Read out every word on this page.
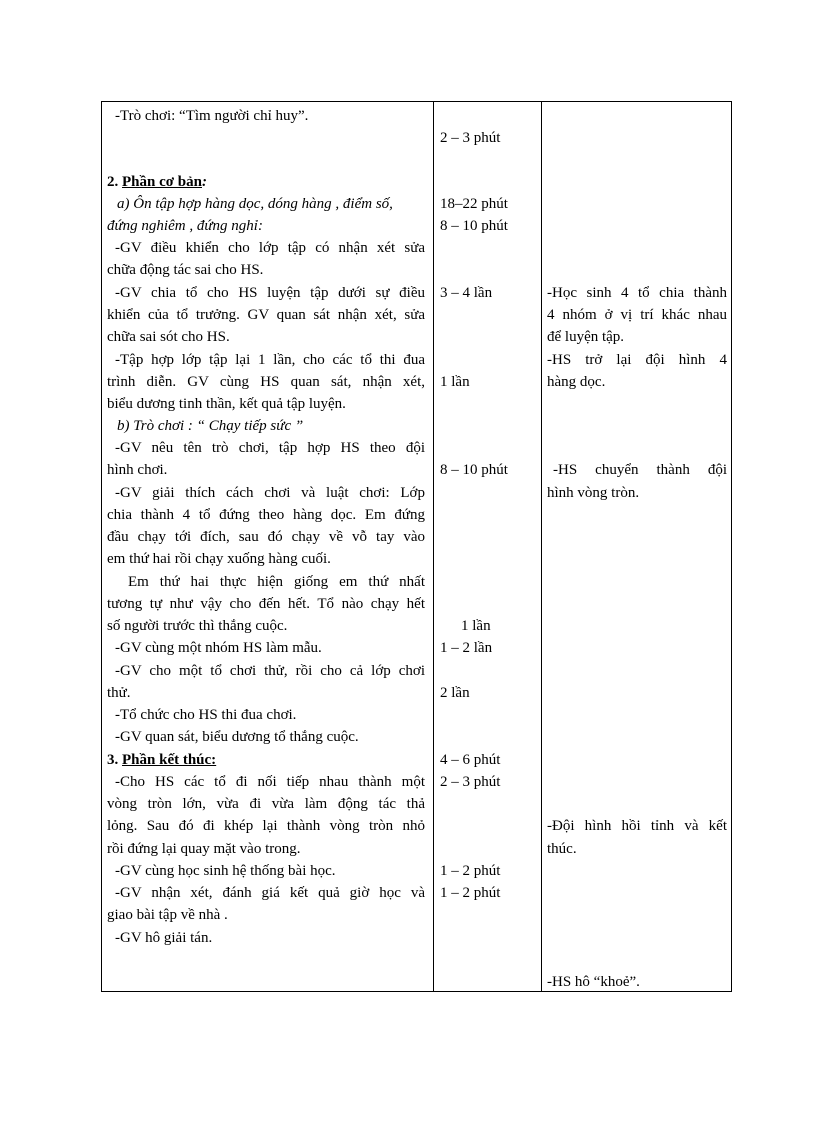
-Trò chơi: “Tìm người chỉ huy”.
2. Phần cơ bản:
a) Ôn tập hợp hàng dọc, dóng hàng , điểm số,
đứng nghiêm , đứng nghỉ:
-GV điều khiển cho lớp tập có nhận xét sửa
chữa động tác sai cho HS.
-GV chia tổ cho HS luyện tập dưới sự điều
khiển của tổ trưởng. GV quan sát nhận xét, sửa
chữa sai sót cho HS.
-Tập hợp lớp tập lại 1 lần, cho các tổ thi đua
trình diễn. GV cùng HS quan sát, nhận xét,
biểu dương tinh thần, kết quả tập luyện.
b) Trò chơi : “ Chạy tiếp sức ”
-GV nêu tên trò chơi, tập hợp HS theo đội
hình chơi.
-GV giải thích cách chơi và luật chơi: Lớp
chia thành 4 tổ đứng theo hàng dọc. Em đứng
đầu chạy tới đích, sau đó chạy về vỗ tay vào
em thứ hai rồi chạy xuống hàng cuối.
Em thứ hai thực hiện giống em thứ nhất
tương tự như vậy cho đến hết. Tổ nào chạy hết
số người trước thì thắng cuộc.
-GV cùng một nhóm HS làm mẫu.
-GV cho một tổ chơi thử, rồi cho cả lớp chơi
thử.
-Tổ chức cho HS thi đua chơi.
-GV quan sát, biểu dương tổ thắng cuộc.
3. Phần kết thúc:
-Cho HS các tổ đi nối tiếp nhau thành một
vòng tròn lớn, vừa đi vừa làm động tác thả
lỏng. Sau đó đi khép lại thành vòng tròn nhỏ
rồi đứng lại quay mặt vào trong.
-GV cùng học sinh hệ thống bài học.
-GV nhận xét, đánh giá kết quả giờ học và
giao bài tập về nhà .
-GV hô giải tán.
2 – 3 phút
18–22 phút
8 – 10 phút
3 – 4 lần
1 lần
8 – 10 phút
1 lần
1 – 2 lần
2 lần
4 – 6 phút
2 – 3 phút
1 – 2 phút
1 – 2 phút
-Học sinh 4 tổ chia thành
4 nhóm ở vị trí khác nhau
để luyện tập.
-HS trở lại đội hình 4
hàng dọc.
-HS chuyển thành đội
hình vòng tròn.
-Đội hình hồi tỉnh và kết
thúc.
-HS hô “khoẻ”.
